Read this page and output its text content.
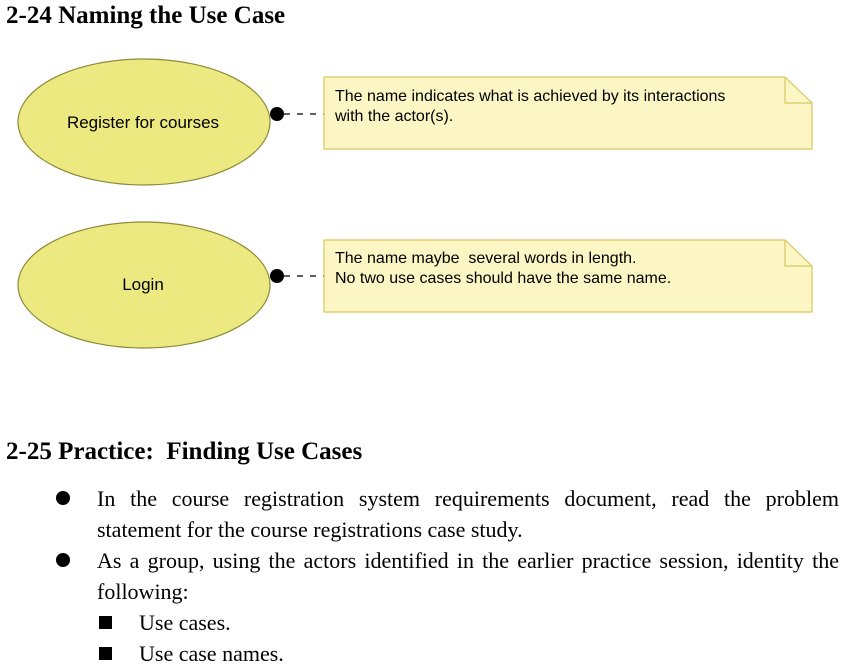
2-24 Naming the Use Case
Register for courses
The name indicates what is achieved by its interactions
with the actor(s).
Login
The name maybe  several words in length.
No two use cases should have the same name.
2-25 Practice:  Finding Use Cases
In the course registration system requirements document, read the problem statement for the course registrations case study.
As a group, using the actors identified in the earlier practice session, identity the following:
Use cases.
Use case names.
